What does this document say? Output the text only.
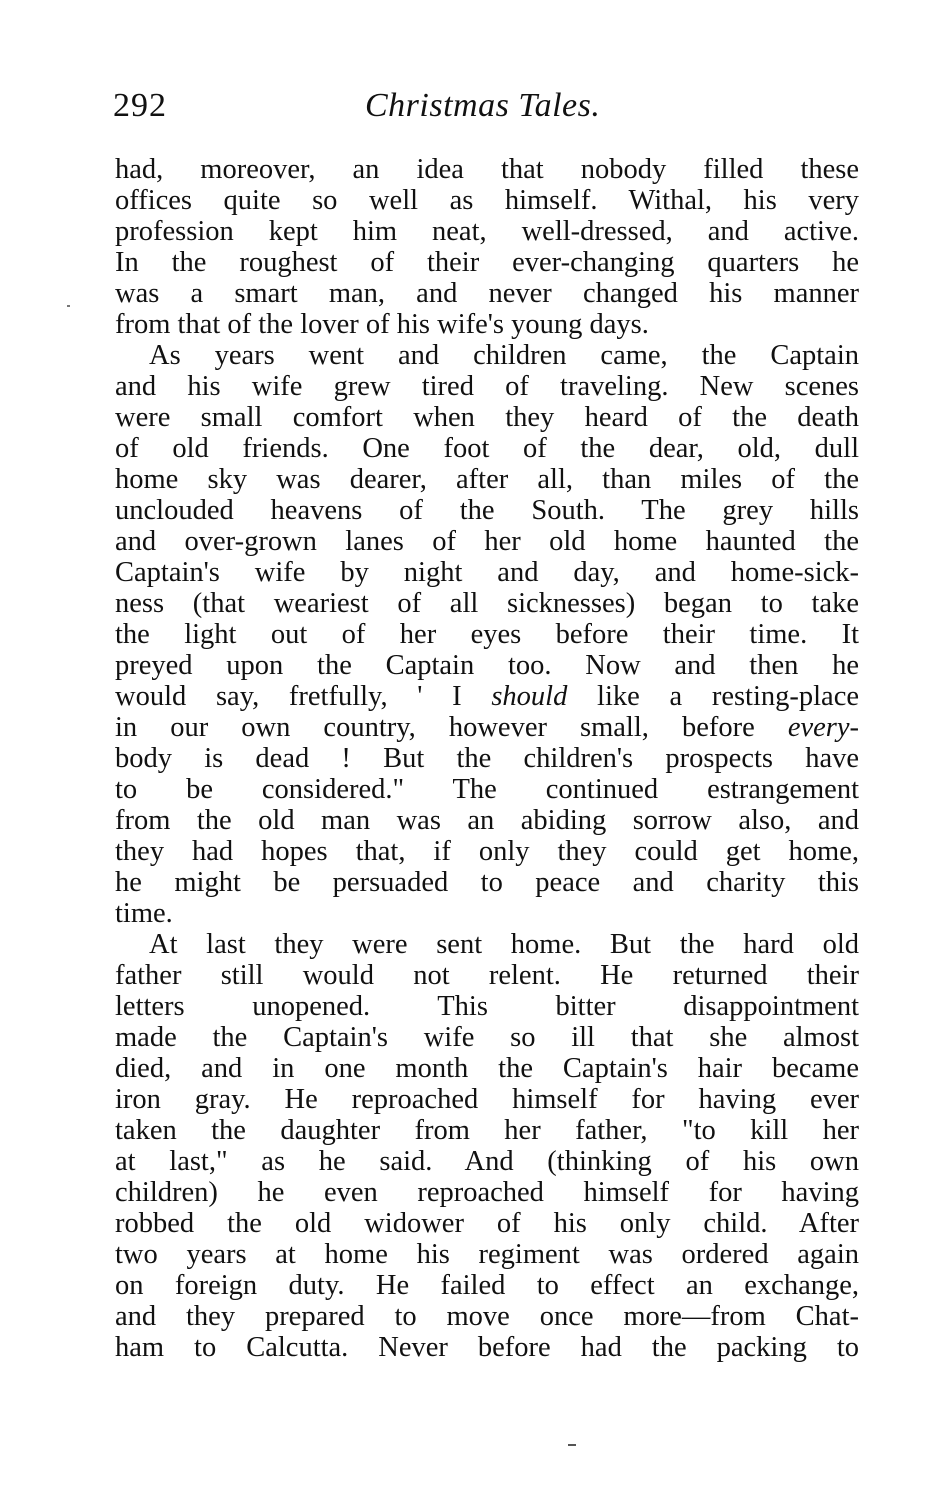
292	Christmas Tales.
had, moreover, an idea that nobody filled these
offices quite so well as himself. Withal, his very
profession kept him neat, well-dressed, and active.
In the roughest of their ever-changing quarters he
was a smart man, and never changed his manner
from that of the lover of his wife's young days.
As years went and children came, the Captain
and his wife grew tired of traveling. New scenes
were small comfort when they heard of the death
of old friends. One foot of the dear, old, dull
home sky was dearer, after all, than miles of the
unclouded heavens of the South. The grey hills
and over-grown lanes of her old home haunted the
Captain's wife by night and day, and home-sick-
ness (that weariest of all sicknesses) began to take
the light out of her eyes before their time. It
preyed upon the Captain too. Now and then he
would say, fretfully, ' I should like a resting-place
in our own country, however small, before every-
body is dead ! But the children's prospects have
to be considered." The continued estrangement
from the old man was an abiding sorrow also, and
they had hopes that, if only they could get home,
he might be persuaded to peace and charity this
time.
At last they were sent home. But the hard old
father still would not relent. He returned their
letters unopened. This bitter disappointment
made the Captain's wife so ill that she almost
died, and in one month the Captain's hair became
iron gray. He reproached himself for having ever
taken the daughter from her father, "to kill her
at last," as he said. And (thinking of his own
children) he even reproached himself for having
robbed the old widower of his only child. After
two years at home his regiment was ordered again
on foreign duty. He failed to effect an exchange,
and they prepared to move once more—from Chat-
ham to Calcutta. Never before had the packing to
